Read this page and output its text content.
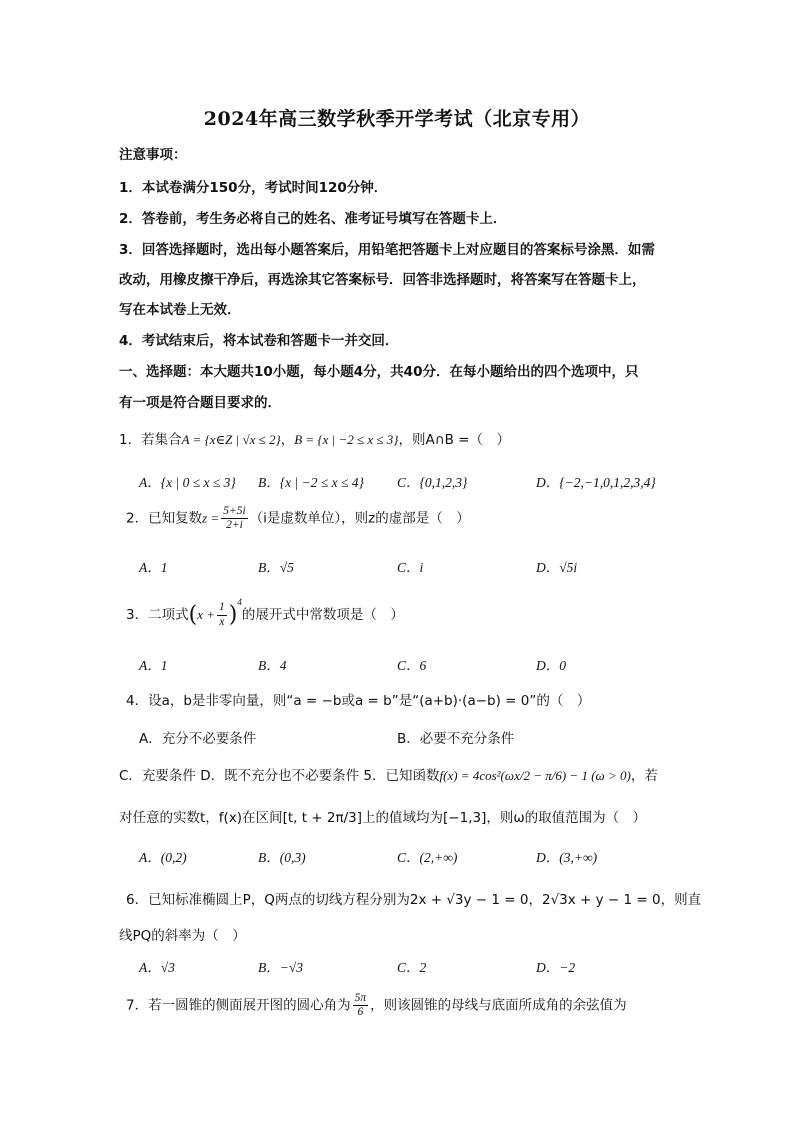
2024年高三数学秋季开学考试（北京专用）
注意事项：
1．本试卷满分150分，考试时间120分钟．
2．答卷前，考生务必将自己的姓名、准考证号填写在答题卡上．
3．回答选择题时，选出每小题答案后，用铅笔把答题卡上对应题目的答案标号涂黑．如需
改动，用橡皮擦干净后，再选涂其它答案标号．回答非选择题时，将答案写在答题卡上，
写在本试卷上无效．
4．考试结束后，将本试卷和答题卡一并交回．
一、选择题：本大题共10小题，每小题4分，共40分．在每小题给出的四个选项中，只
有一项是符合题目要求的．
1．若集合A = {x∈Z | √x ≤ 2}，B = {x | −2 ≤ x ≤ 3}，则A∩B =（　）
A．{x | 0 ≤ x ≤ 3} B．{x | −2 ≤ x ≤ 4} C．{0,1,2,3}	D．{−2,−1,0,1,2,3,4}
2．已知复数$z = \frac{5+5i}{2+i} (i$是虚数单位），则z的虚部是（　）
A．1	B．√5	C．i	D．√5i
3．二项式$(x + \frac{1}{x} )^4$的展开式中常数项是（　）
A．1	B．4	C．6	D．0
4．设a，b是非零向量，则“a = −b或a = b”是“(a+b)·(a−b) = 0”的（　）
A．充分不必要条件	B．必要不充分条件
C．充要条件 D．既不充分也不必要条件 5．已知函数f(x) = 4cos²(ωx/2 − π/6) − 1 (ω > 0)，若
对任意的实数t，f(x)在区间[t, t + 2π/3]上的值域均为[−1,3]，则ω的取值范围为（　）
A．(0,2)	B．(0,3)	C．(2,+∞)	D．(3,+∞)
6．已知标准椭圆上P，Q两点的切线方程分别为2x + √3y − 1 = 0，2√3x + y − 1 = 0，则直
线PQ的斜率为（　）
A．√3	B．−√3	C．2	D．−2
7．若一圆锥的侧面展开图的圆心角为 $\frac{5\pi}{6}$ ，则该圆锥的母线与底面所成角的余弦值为
